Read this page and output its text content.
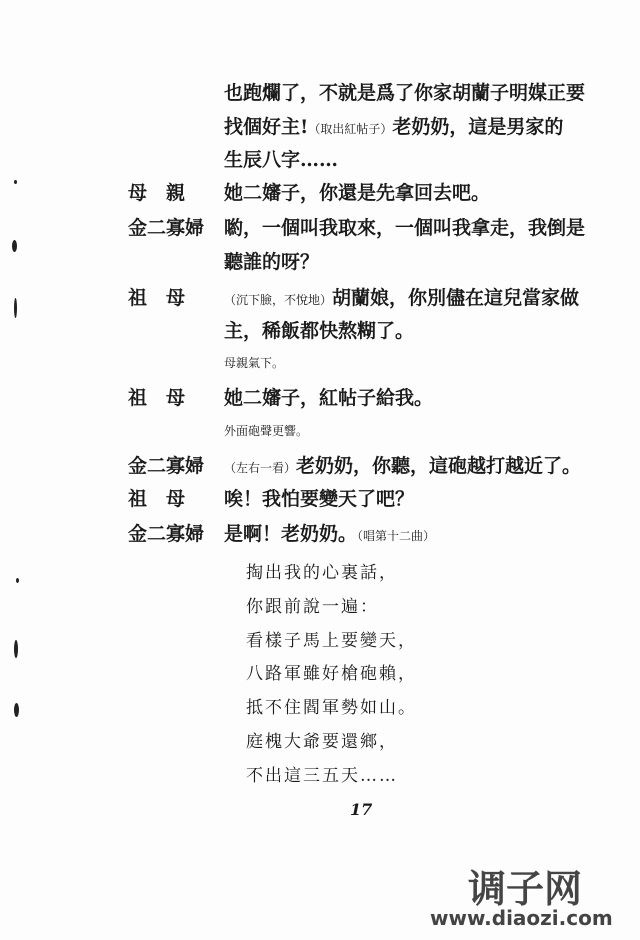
也跑爛了，不就是爲了你家胡蘭子明媒正要
找個好主!（取出紅帖子）老奶奶，這是男家的
生辰八字……
母　親 她二嬸子，你還是先拿回去吧。
金二寡婦 喲，一個叫我取來，一個叫我拿走，我倒是
聽誰的呀？
祖　母	（沉下臉，不悅地）胡蘭娘，你別儘在這兒當家做
主，稀飯都快熬糊了。
母親氣下。
祖　母 她二嬸子，紅帖子給我。
外面砲聲更響。
金二寡婦 （左右一看）老奶奶，你聽，這砲越打越近了。
祖　母 唉！我怕要變天了吧？
金二寡婦 是啊！老奶奶。（唱第十二曲）
掏出我的心裏話，
你跟前說一遍：
看樣子馬上要變天，
八路軍雖好槍砲賴，
抵不住閻軍勢如山。
庭槐大爺要還鄉，
不出這三五天……
17
调子网
www.diaozi.com
